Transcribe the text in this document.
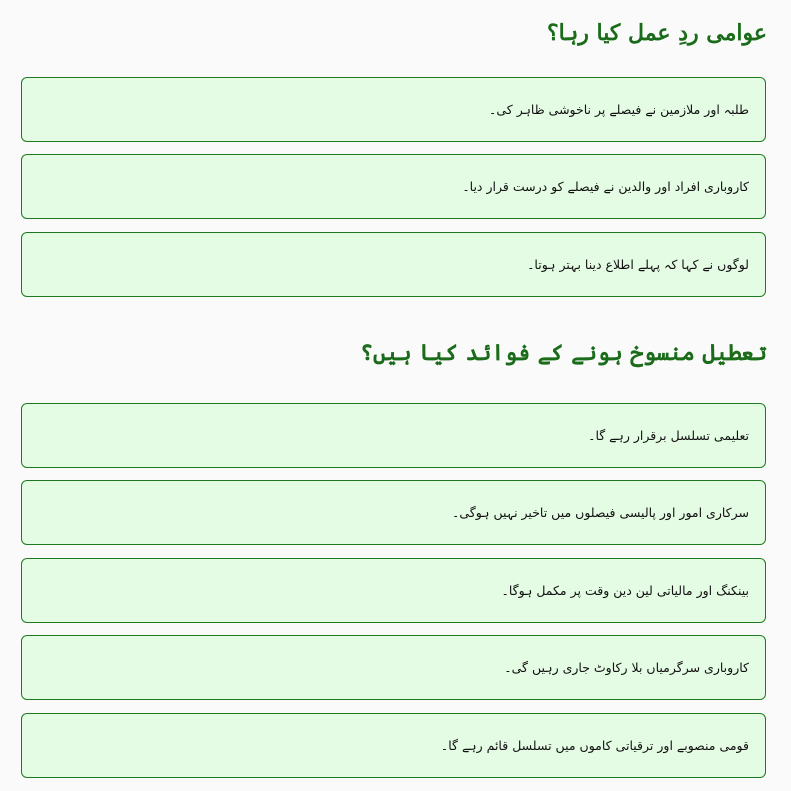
عوامی ردِ عمل کیا رہا؟
طلبہ اور ملازمین نے فیصلے پر ناخوشی ظاہر کی۔
کاروباری افراد اور والدین نے فیصلے کو درست قرار دیا۔
لوگوں نے کہا کہ پہلے اطلاع دینا بہتر ہوتا۔
تعطیل منسوخ ہونے کے فوائد کیا ہیں؟
تعلیمی تسلسل برقرار رہے گا۔
سرکاری امور اور پالیسی فیصلوں میں تاخیر نہیں ہوگی۔
بینکنگ اور مالیاتی لین دین وقت پر مکمل ہوگا۔
کاروباری سرگرمیاں بلا رکاوٹ جاری رہیں گی۔
قومی منصوبے اور ترقیاتی کاموں میں تسلسل قائم رہے گا۔
